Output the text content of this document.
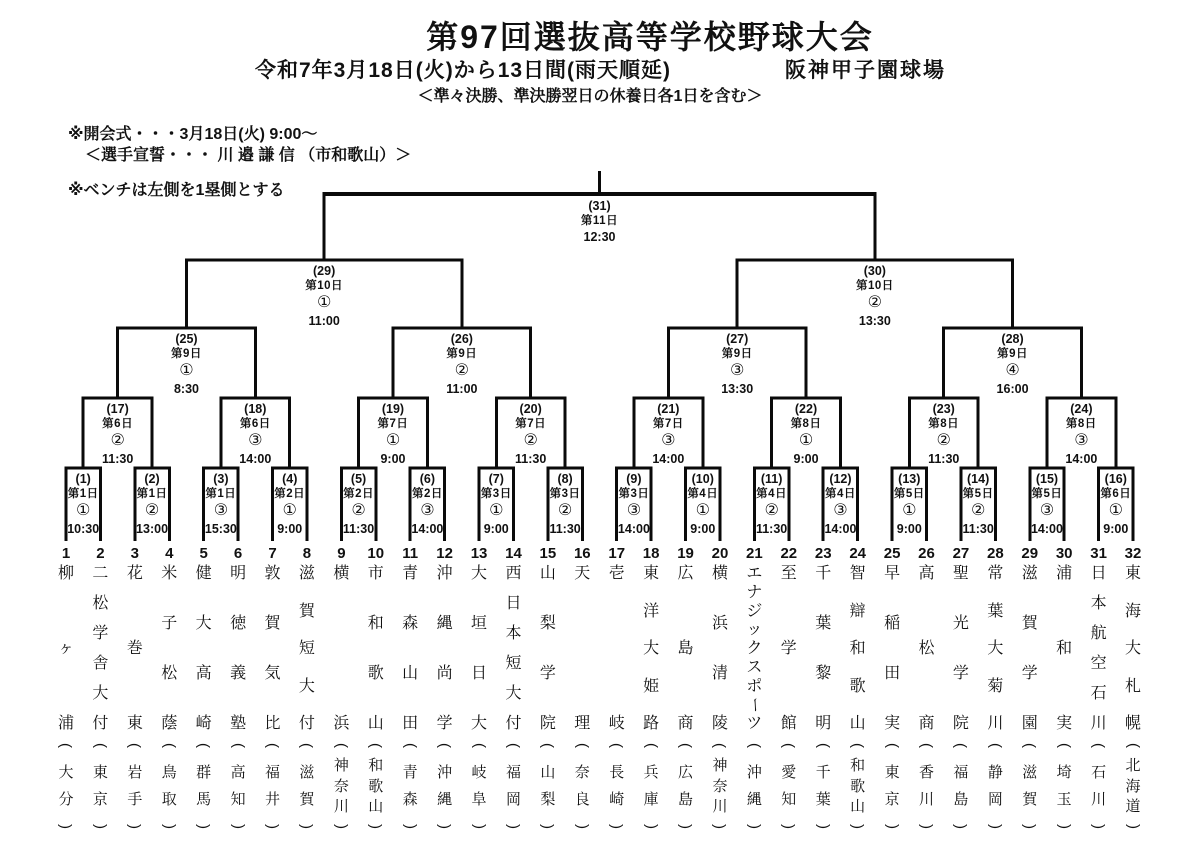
第97回選抜高等学校野球大会
令和7年3月18日(火)から13日間(雨天順延)	阪神甲子園球場
＜準々決勝、準決勝翌日の休養日各1日を含む＞
※開会式・・・3月18日(火) 9:00～
＜選手宣誓・・・ 川 邉 謙 信 （市和歌山）＞
※ベンチは左側を1塁側とする
(1)
第1日
①
10:30
(2)
第1日
②
13:00
(3)
第1日
③
15:30
(4)
第2日
①
9:00
(5)
第2日
②
11:30
(6)
第2日
③
14:00
(7)
第3日
①
9:00
(8)
第3日
②
11:30
(9)
第3日
③
14:00
(10)
第4日
①
9:00
(11)
第4日
②
11:30
(12)
第4日
③
14:00
(13)
第5日
①
9:00
(14)
第5日
②
11:30
(15)
第5日
③
14:00
(16)
第6日
①
9:00
(17)
第6日
②
11:30
(18)
第6日
③
14:00
(19)
第7日
①
9:00
(20)
第7日
②
11:30
(21)
第7日
③
14:00
(22)
第8日
①
9:00
(23)
第8日
②
11:30
(24)
第8日
③
14:00
(25)
第9日
①
8:30
(26)
第9日
②
11:00
(27)
第9日
③
13:30
(28)
第9日
④
16:00
(29)
第10日
①
11:00
(30)
第10日
②
13:30
(31)
第11日
12:30
1
柳
ヶ
浦
(
大
分
)
2
二
松
学
舎
大
付
(
東
京
)
3
花
巻
東
(
岩
手
)
4
米
子
松
蔭
(
鳥
取
)
5
健
大
高
崎
(
群
馬
)
6
明
徳
義
塾
(
高
知
)
7
敦
賀
気
比
(
福
井
)
8
滋
賀
短
大
付
(
滋
賀
)
9
横
浜
(
神
奈
川
)
10
市
和
歌
山
(
和
歌
山
)
11
青
森
山
田
(
青
森
)
12
沖
縄
尚
学
(
沖
縄
)
13
大
垣
日
大
(
岐
阜
)
14
西
日
本
短
大
付
(
福
岡
)
15
山
梨
学
院
(
山
梨
)
16
天
理
(
奈
良
)
17
壱
岐
(
長
崎
)
18
東
洋
大
姫
路
(
兵
庫
)
19
広
島
商
(
広
島
)
20
横
浜
清
陵
(
神
奈
川
)
21
エ
ナ
ジ
ッ
ク
ス
ポ
ー
ツ
(
沖
縄
)
22
至
学
館
(
愛
知
)
23
千
葉
黎
明
(
千
葉
)
24
智
辯
和
歌
山
(
和
歌
山
)
25
早
稲
田
実
(
東
京
)
26
高
松
商
(
香
川
)
27
聖
光
学
院
(
福
島
)
28
常
葉
大
菊
川
(
静
岡
)
29
滋
賀
学
園
(
滋
賀
)
30
浦
和
実
(
埼
玉
)
31
日
本
航
空
石
川
(
石
川
)
32
東
海
大
札
幌
(
北
海
道
)
